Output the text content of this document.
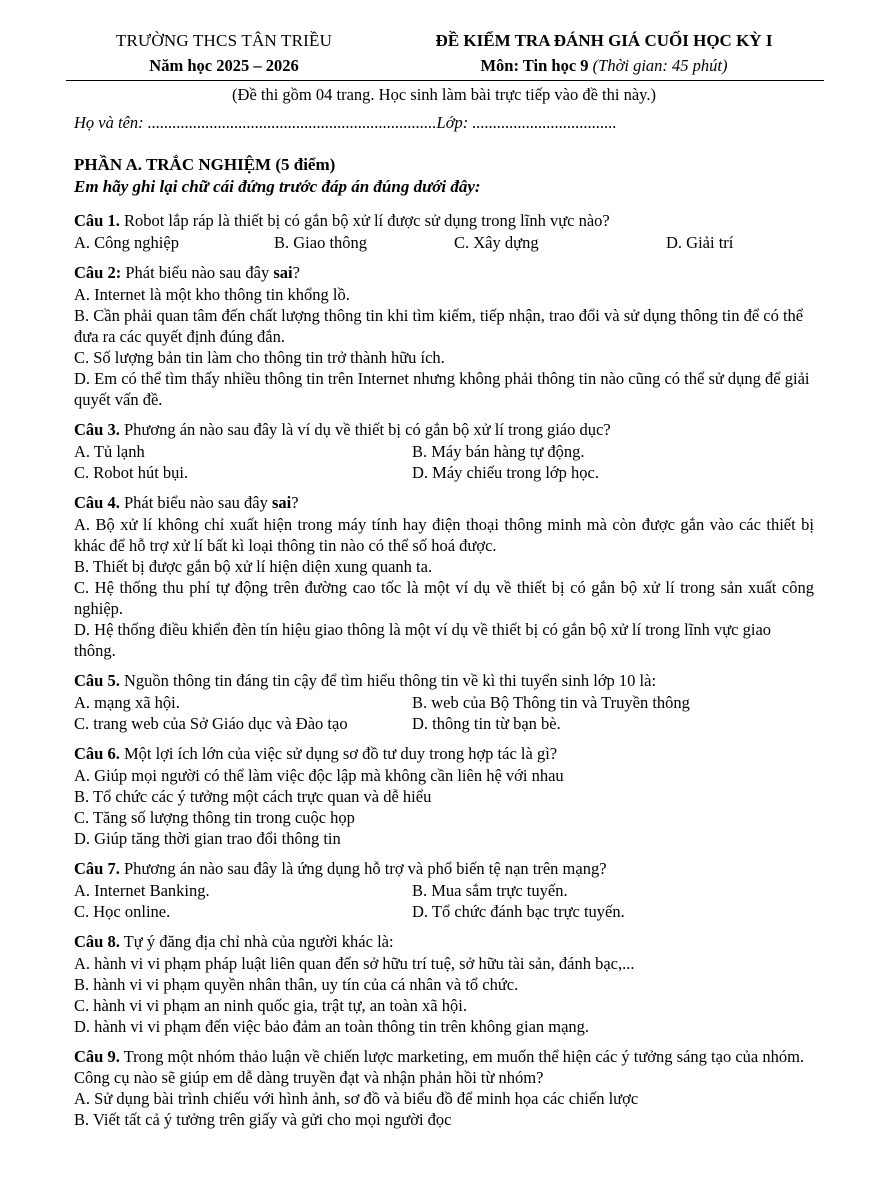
TRƯỜNG THCS TÂN TRIỀU
Năm học 2025 – 2026
ĐỀ KIỂM TRA ĐÁNH GIÁ CUỐI HỌC KỲ I
Môn: Tin học 9 (Thời gian: 45 phút)
(Đề thi gồm 04 trang. Học sinh làm bài trực tiếp vào đề thi này.)
Họ và tên: ......................................................................Lớp: ...................................
PHẦN A. TRẮC NGHIỆM (5 điểm)
Em hãy ghi lại chữ cái đứng trước đáp án đúng dưới đây:
Câu 1. Robot lắp ráp là thiết bị có gắn bộ xử lí được sử dụng trong lĩnh vực nào?
A. Công nghiệp	B. Giao thông	C. Xây dựng	D. Giải trí
Câu 2: Phát biểu nào sau đây sai?
A. Internet là một kho thông tin khổng lồ.
B. Cần phải quan tâm đến chất lượng thông tin khi tìm kiếm, tiếp nhận, trao đổi và sử dụng thông tin để có thể đưa ra các quyết định đúng đắn.
C. Số lượng bản tin làm cho thông tin trở thành hữu ích.
D. Em có thể tìm thấy nhiều thông tin trên Internet nhưng không phải thông tin nào cũng có thể sử dụng để giải quyết vấn đề.
Câu 3. Phương án nào sau đây là ví dụ về thiết bị có gắn bộ xử lí trong giáo dục?
A. Tủ lạnh	B. Máy bán hàng tự động.
C. Robot hút bụi.	D. Máy chiếu trong lớp học.
Câu 4. Phát biểu nào sau đây sai?
A. Bộ xử lí không chỉ xuất hiện trong máy tính hay điện thoại thông minh mà còn được gắn vào các thiết bị khác để hỗ trợ xử lí bất kì loại thông tin nào có thể số hoá được.
B. Thiết bị được gắn bộ xử lí hiện diện xung quanh ta.
C. Hệ thống thu phí tự động trên đường cao tốc là một ví dụ về thiết bị có gắn bộ xử lí trong sản xuất công nghiệp.
D. Hệ thống điều khiển đèn tín hiệu giao thông là một ví dụ về thiết bị có gắn bộ xử lí trong lĩnh vực giao thông.
Câu 5. Nguồn thông tin đáng tin cậy để tìm hiểu thông tin về kì thi tuyển sinh lớp 10 là:
A. mạng xã hội.	B. web của Bộ Thông tin và Truyền thông
C. trang web của Sở Giáo dục và Đào tạo	D. thông tin từ bạn bè.
Câu 6. Một lợi ích lớn của việc sử dụng sơ đồ tư duy trong hợp tác là gì?
A. Giúp mọi người có thể làm việc độc lập mà không cần liên hệ với nhau
B. Tổ chức các ý tưởng một cách trực quan và dễ hiểu
C. Tăng số lượng thông tin trong cuộc họp
D. Giúp tăng thời gian trao đổi thông tin
Câu 7. Phương án nào sau đây là ứng dụng hỗ trợ và phổ biến tệ nạn trên mạng?
A. Internet Banking.	B. Mua sắm trực tuyến.
C. Học online.	D. Tổ chức đánh bạc trực tuyến.
Câu 8. Tự ý đăng địa chỉ nhà của người khác là:
A. hành vi vi phạm pháp luật liên quan đến sở hữu trí tuệ, sở hữu tài sản, đánh bạc,...
B. hành vi vi phạm quyền nhân thân, uy tín của cá nhân và tổ chức.
C. hành vi vi phạm an ninh quốc gia, trật tự, an toàn xã hội.
D. hành vi vi phạm đến việc bảo đảm an toàn thông tin trên không gian mạng.
Câu 9. Trong một nhóm thảo luận về chiến lược marketing, em muốn thể hiện các ý tưởng sáng tạo của nhóm. Công cụ nào sẽ giúp em dễ dàng truyền đạt và nhận phản hồi từ nhóm?
A. Sử dụng bài trình chiếu với hình ảnh, sơ đồ và biểu đồ để minh họa các chiến lược
B. Viết tất cả ý tưởng trên giấy và gửi cho mọi người đọc
